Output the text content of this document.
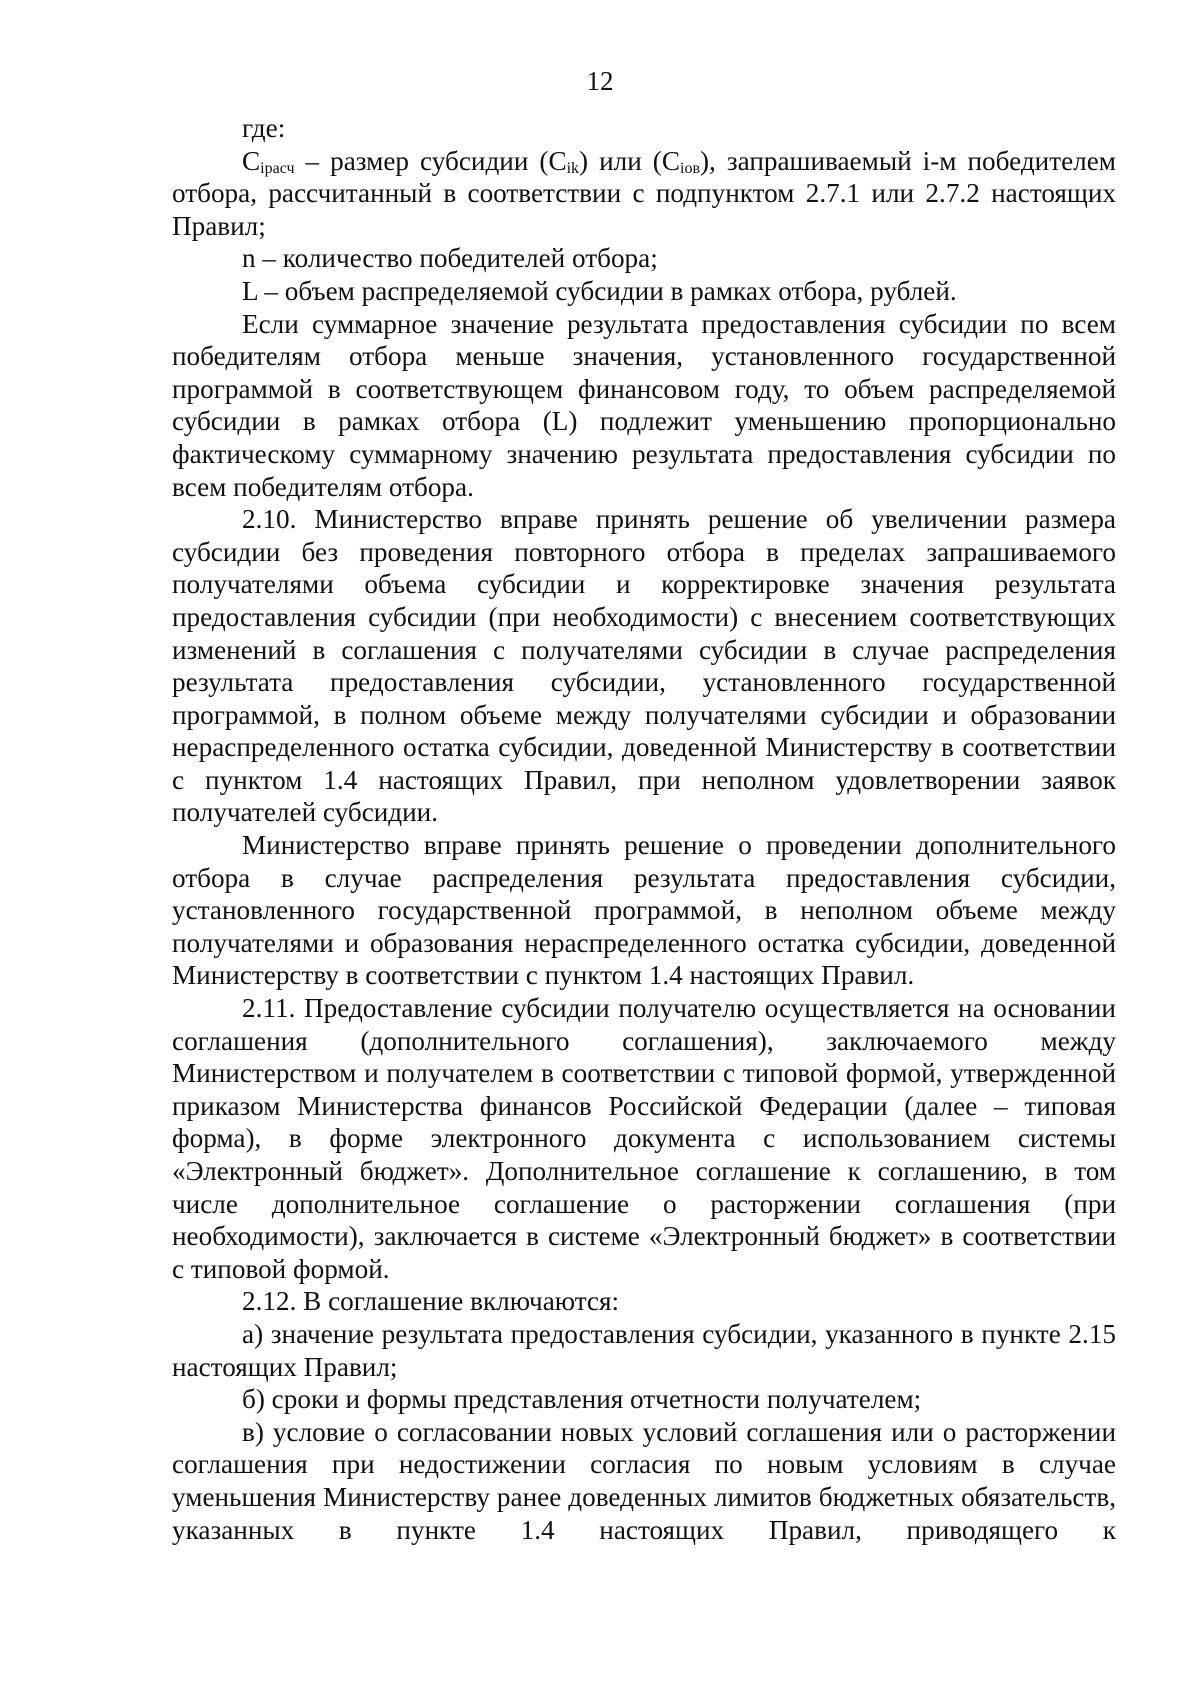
12

где:

$C_{iрасч}$ – размер субсидии $(C_{ik})$ или $(C_{iов})$, запрашиваемый i-м победителем отбора, рассчитанный в соответствии с подпунктом 2.7.1 или 2.7.2 настоящих Правил;

n – количество победителей отбора;

L – объем распределяемой субсидии в рамках отбора, рублей.

Если суммарное значение результата предоставления субсидии по всем победителям отбора меньше значения, установленного государственной программой в соответствующем финансовом году, то объем распределяемой субсидии в рамках отбора (L) подлежит уменьшению пропорционально фактическому суммарному значению результата предоставления субсидии по всем победителям отбора.

2.10. Министерство вправе принять решение об увеличении размера субсидии без проведения повторного отбора в пределах запрашиваемого получателями объема субсидии и корректировке значения результата предоставления субсидии (при необходимости) с внесением соответствующих изменений в соглашения с получателями субсидии в случае распределения результата предоставления субсидии, установленного государственной программой, в полном объеме между получателями субсидии и образовании нераспределенного остатка субсидии, доведенной Министерству в соответствии с пунктом 1.4 настоящих Правил, при неполном удовлетворении заявок получателей субсидии.

Министерство вправе принять решение о проведении дополнительного отбора в случае распределения результата предоставления субсидии, установленного государственной программой, в неполном объеме между получателями и образования нераспределенного остатка субсидии, доведенной Министерству в соответствии с пунктом 1.4 настоящих Правил.

2.11. Предоставление субсидии получателю осуществляется на основании соглашения (дополнительного соглашения), заключаемого между Министерством и получателем в соответствии с типовой формой, утвержденной приказом Министерства финансов Российской Федерации (далее – типовая форма), в форме электронного документа с использованием системы «Электронный бюджет». Дополнительное соглашение к соглашению, в том числе дополнительное соглашение о расторжении соглашения (при необходимости), заключается в системе «Электронный бюджет» в соответствии с типовой формой.

2.12. В соглашение включаются:

а) значение результата предоставления субсидии, указанного в пункте 2.15 настоящих Правил;

б) сроки и формы представления отчетности получателем;

в) условие о согласовании новых условий соглашения или о расторжении соглашения при недостижении согласия по новым условиям в случае уменьшения Министерству ранее доведенных лимитов бюджетных обязательств, указанных в пункте 1.4 настоящих Правил, приводящего к
